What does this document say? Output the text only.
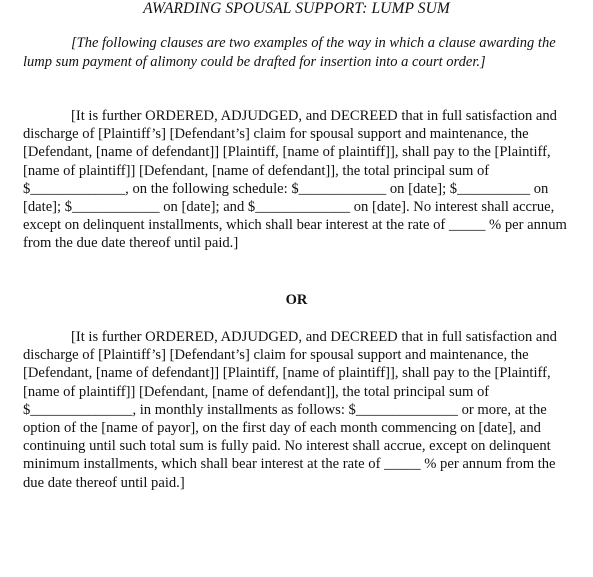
AWARDING SPOUSAL SUPPORT: LUMP SUM
[The following clauses are two examples of the way in which a clause awarding the lump sum payment of alimony could be drafted for insertion into a court order.]
[It is further ORDERED, ADJUDGED, and DECREED that in full satisfaction and discharge of [Plaintiff’s] [Defendant’s] claim for spousal support and maintenance, the [Defendant, [name of defendant]] [Plaintiff, [name of plaintiff]], shall pay to the [Plaintiff, [name of plaintiff]] [Defendant, [name of defendant]], the total principal sum of $_____________, on the following schedule: $____________ on [date]; $__________ on [date]; $____________ on [date]; and $_____________ on [date]. No interest shall accrue, except on delinquent installments, which shall bear interest at the rate of _____ % per annum from the due date thereof until paid.]
OR
[It is further ORDERED, ADJUDGED, and DECREED that in full satisfaction and discharge of [Plaintiff’s] [Defendant’s] claim for spousal support and maintenance, the [Defendant, [name of defendant]] [Plaintiff, [name of plaintiff]], shall pay to the [Plaintiff, [name of plaintiff]] [Defendant, [name of defendant]], the total principal sum of $______________, in monthly installments as follows: $______________ or more, at the option of the [name of payor], on the first day of each month commencing on [date], and continuing until such total sum is fully paid. No interest shall accrue, except on delinquent minimum installments, which shall bear interest at the rate of _____ % per annum from the due date thereof until paid.]
